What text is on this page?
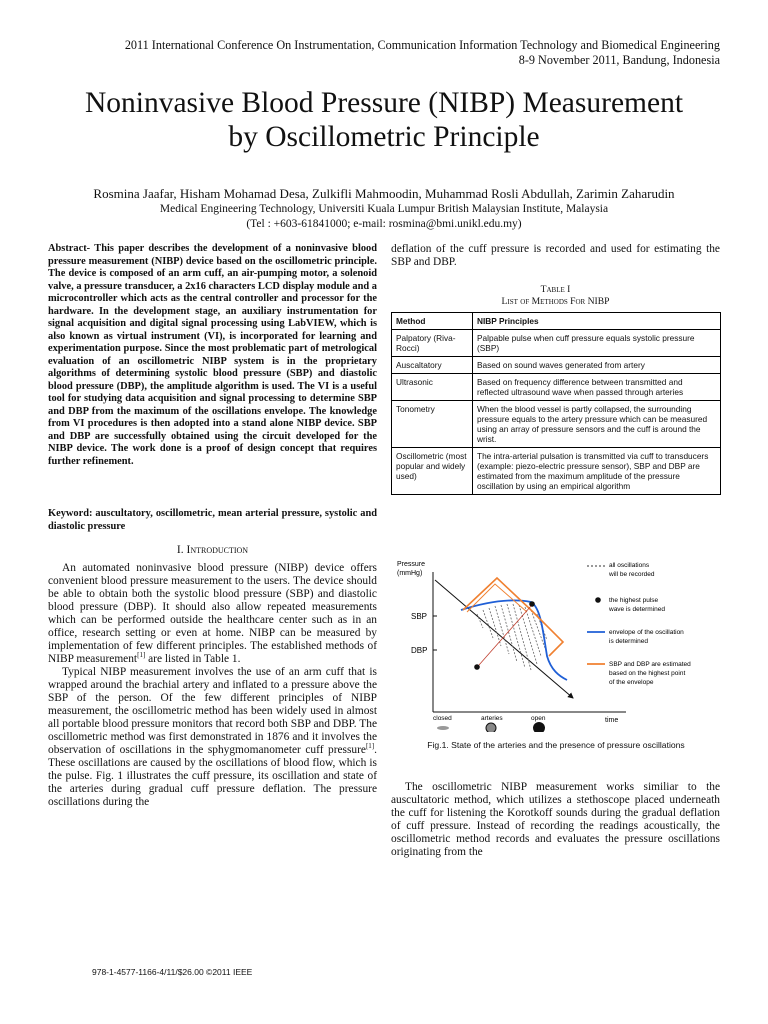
2011 International Conference On Instrumentation, Communication Information Technology and Biomedical Engineering
8-9 November 2011, Bandung, Indonesia
Noninvasive Blood Pressure (NIBP) Measurement
by Oscillometric Principle
Rosmina Jaafar, Hisham Mohamad Desa, Zulkifli Mahmoodin, Muhammad Rosli Abdullah, Zarimin Zaharudin
Medical Engineering Technology, Universiti Kuala Lumpur British Malaysian Institute, Malaysia
(Tel : +603-61841000; e-mail: rosmina@bmi.unikl.edu.my)
Abstract- This paper describes the development of a noninvasive blood pressure measurement (NIBP) device based on the oscillometric principle. The device is composed of an arm cuff, an air-pumping motor, a solenoid valve, a pressure transducer, a 2x16 characters LCD display module and a microcontroller which acts as the central controller and processor for the hardware. In the development stage, an auxiliary instrumentation for signal acquisition and digital signal processing using LabVIEW, which is also known as virtual instrument (VI), is incorporated for learning and experimentation purpose. Since the most problematic part of metrological evaluation of an oscillometric NIBP system is in the proprietary algorithms of determining systolic blood pressure (SBP) and diastolic blood pressure (DBP), the amplitude algorithm is used. The VI is a useful tool for studying data acquisition and signal processing to determine SBP and DBP from the maximum of the oscillations envelope. The knowledge from VI procedures is then adopted into a stand alone NIBP device. SBP and DBP are successfully obtained using the circuit developed for the NIBP device. The work done is a proof of design concept that requires further refinement.
Keyword: auscultatory, oscillometric, mean arterial pressure, systolic and diastolic pressure
I. Introduction

An automated noninvasive blood pressure (NIBP) device offers convenient blood pressure measurement to the users. The device should be able to obtain both the systolic blood pressure (SBP) and diastolic blood pressure (DBP). It should also allow repeated measurements which can be performed outside the healthcare center such as in an office, research setting or even at home. NIBP can be measured by implementation of few different principles. The established methods of NIBP measurement[1] are listed in Table 1.

Typical NIBP measurement involves the use of an arm cuff that is wrapped around the brachial artery and inflated to a pressure above the SBP of the person. Of the few different principles of NIBP measurement, the oscillometric method has been widely used in almost all portable blood pressure monitors that record both SBP and DBP. The oscillometric method was first demonstrated in 1876 and it involves the observation of oscillations in the sphygmomanometer cuff pressure[1]. These oscillations are caused by the oscillations of blood flow, which is the pulse. Fig. 1 illustrates the cuff pressure, its oscillation and state of the arteries during gradual cuff pressure deflation. The pressure oscillations during the

deflation of the cuff pressure is recorded and used for estimating the SBP and DBP.
Table I
List of Methods For NIBP
Method	NIBP Principles
Palpatory (Riva-Rocci)	Palpable pulse when cuff pressure equals systolic pressure (SBP)
Auscaltatory	Based on sound waves generated from artery
Ultrasonic	Based on frequency difference between transmitted and reflected ultrasound wave when passed through arteries
Tonometry	When the blood vessel is partly collapsed, the surrounding pressure equals to the artery pressure which can be measured using an array of pressure sensors and the cuff is around the wrist.
Oscillometric (most popular and widely used)	The intra-arterial pulsation is transmitted via cuff to transducers (example: piezo-electric pressure sensor), SBP and DBP are estimated from the maximum amplitude of the pressure oscillation by using an empirical algorithm
Pressure
(mmHg)
SBP
DBP
time
closed	arteries	open
all oscillations
will be recorded
the highest pulse
wave is determined
envelope of the oscillation
is determined
SBP and DBP are estimated
based on the highest point
of the envelope
Fig.1. State of the arteries and the presence of pressure oscillations

The oscillometric NIBP measurement works similiar to the auscultatoric method, which utilizes a stethoscope placed underneath the cuff for listening the Korotkoff sounds during the gradual deflation of cuff pressure. Instead of recording the readings acoustically, the oscillometric method records and evaluates the pressure oscillations originating from the

978-1-4577-1166-4/11/$26.00 ©2011 IEEE
